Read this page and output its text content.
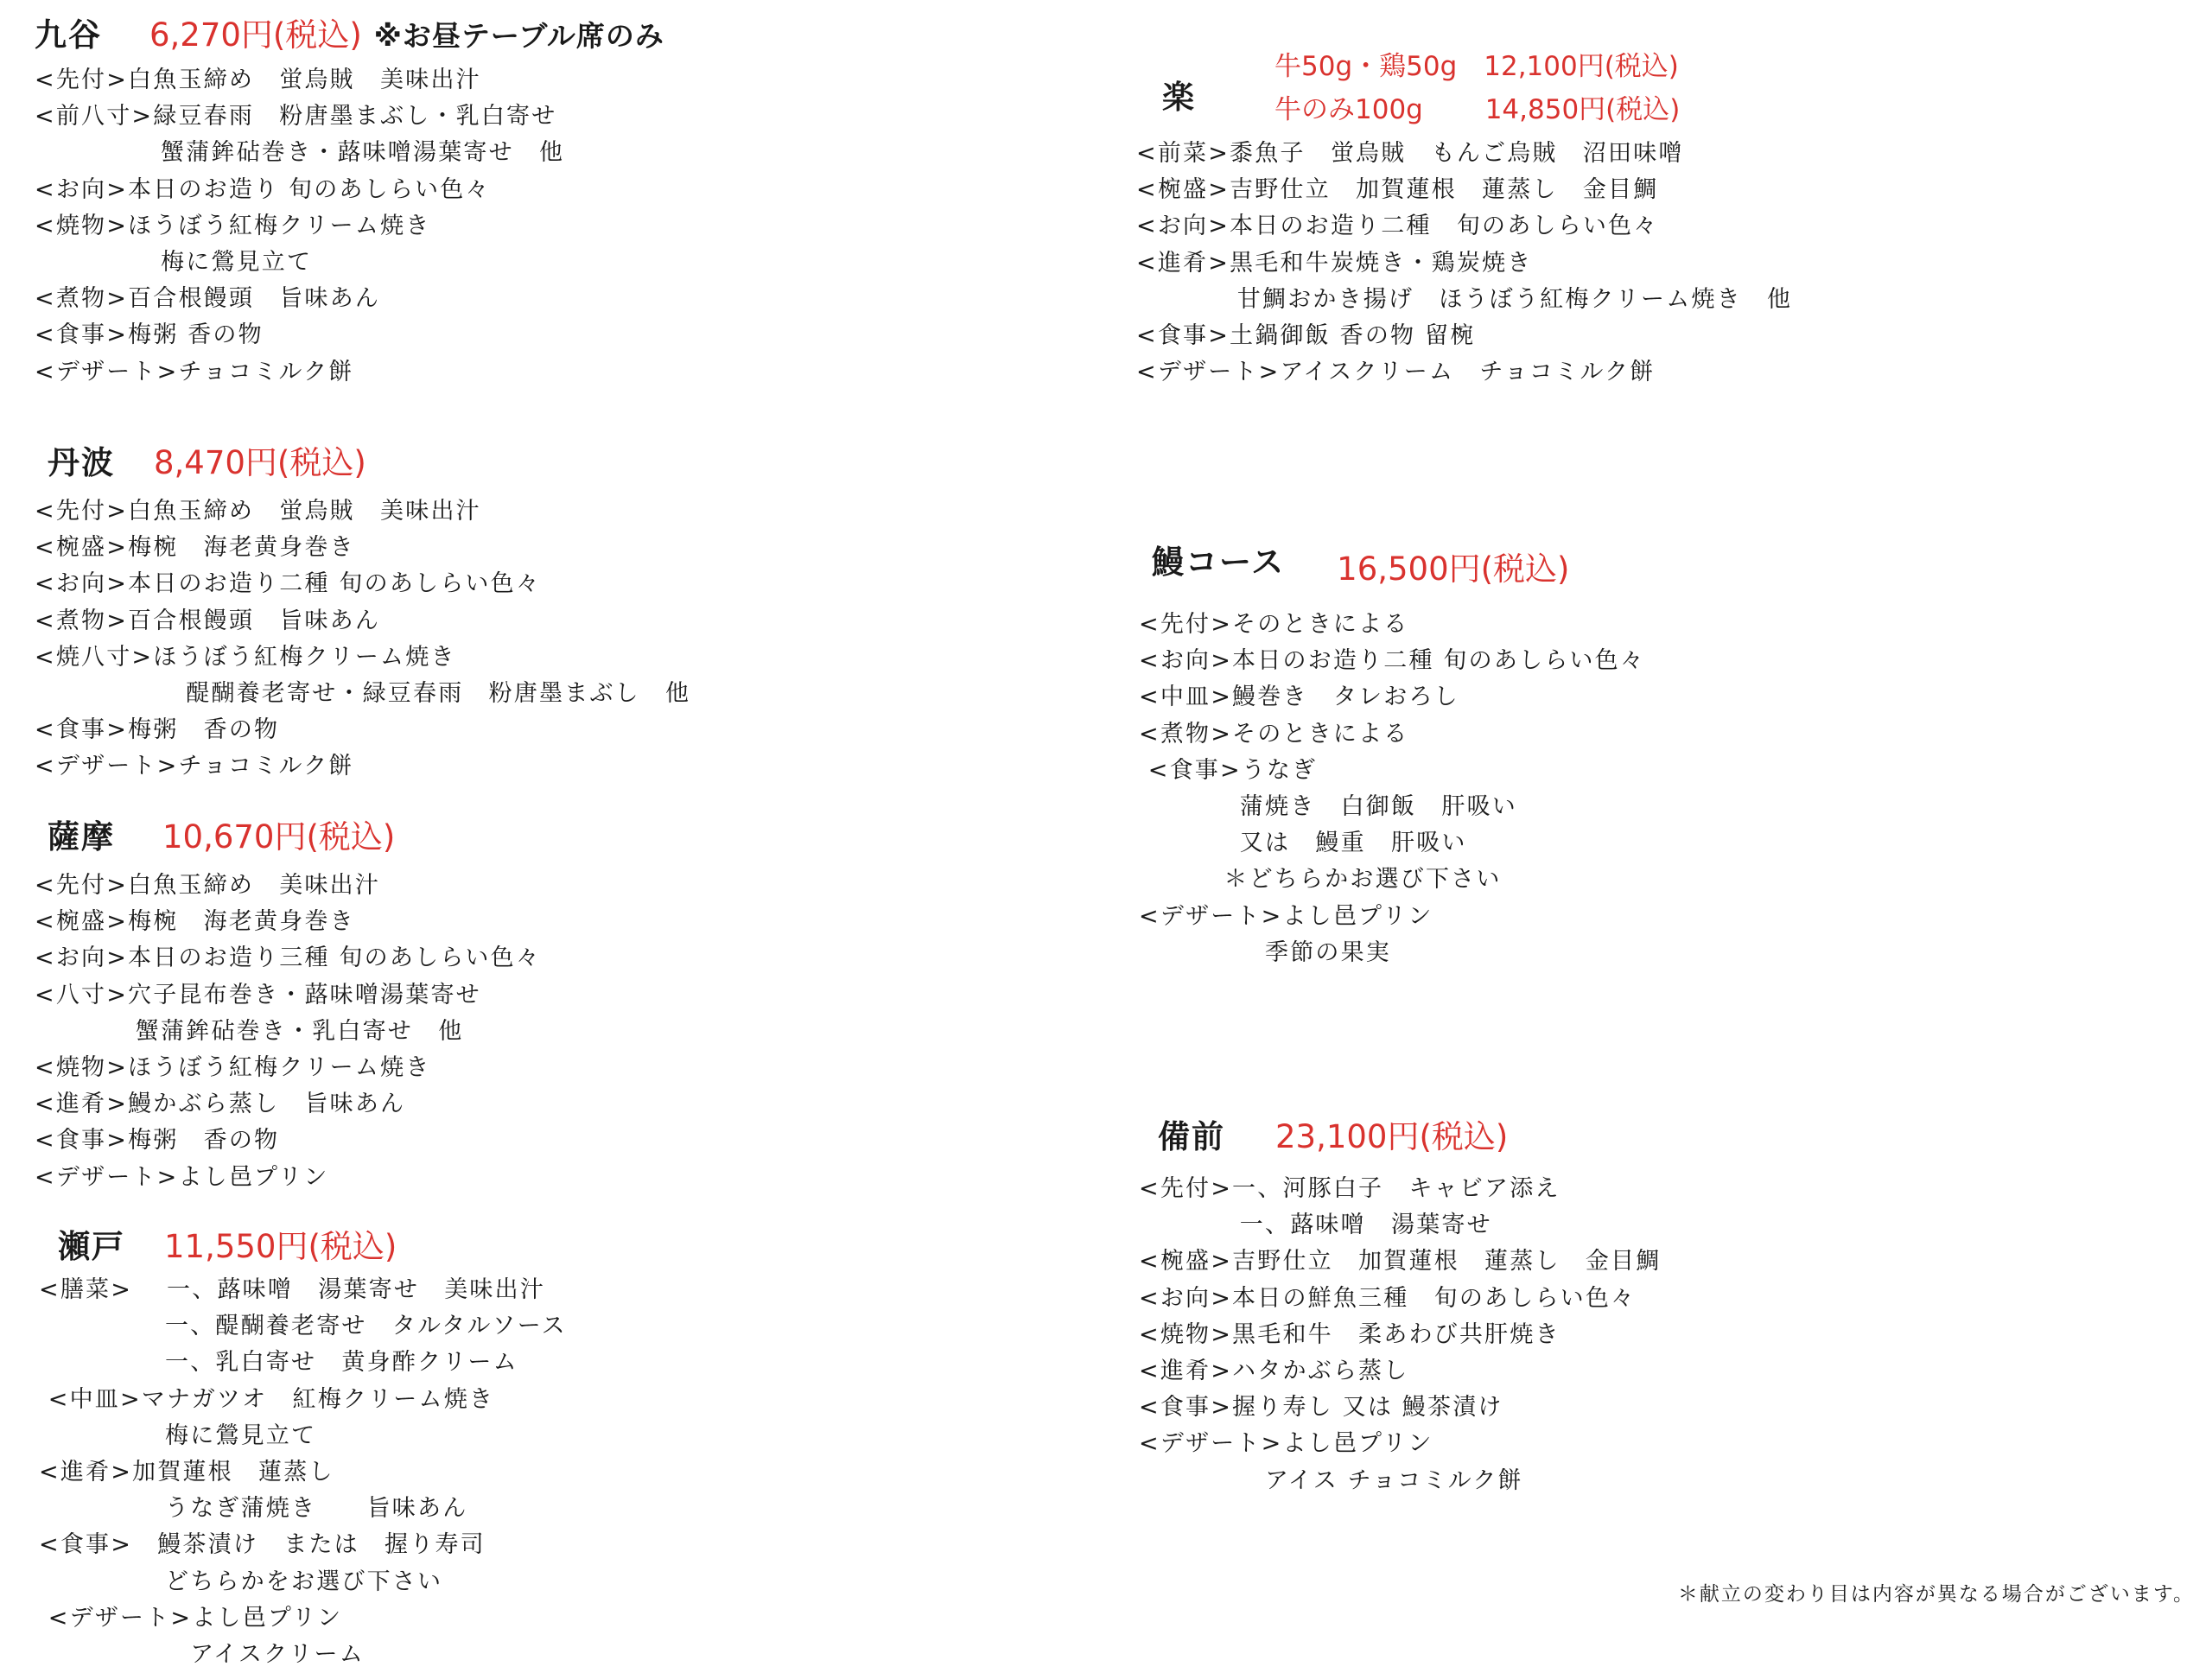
九谷 6,270円(税込) ※お昼テーブル席のみ
<先付>白魚玉締め　蛍烏賊　美味出汁
<前八寸>緑豆春雨　粉唐墨まぶし・乳白寄せ
　　　　　蟹蒲鉾砧巻き・蕗味噌湯葉寄せ　他
<お向>本日のお造り 旬のあしらい色々
<焼物>ほうぼう紅梅クリーム焼き
　　　　　梅に鶯見立て
<煮物>百合根饅頭　旨味あん
<食事>梅粥 香の物
<デザート>チョコミルク餅
丹波 8,470円(税込)
<先付>白魚玉締め　蛍烏賊　美味出汁
<椀盛>梅椀　海老黄身巻き
<お向>本日のお造り二種 旬のあしらい色々
<煮物>百合根饅頭　旨味あん
<焼八寸>ほうぼう紅梅クリーム焼き
　　　　　　醍醐養老寄せ・緑豆春雨　粉唐墨まぶし　他
<食事>梅粥　香の物
<デザート>チョコミルク餅
薩摩 10,670円(税込)
<先付>白魚玉締め　美味出汁
<椀盛>梅椀　海老黄身巻き
<お向>本日のお造り三種 旬のあしらい色々
<八寸>穴子昆布巻き・蕗味噌湯葉寄せ
　　　　蟹蒲鉾砧巻き・乳白寄せ　他
<焼物>ほうぼう紅梅クリーム焼き
<進肴>鰻かぶら蒸し　旨味あん
<食事>梅粥　香の物
<デザート>よし邑プリン
瀬戸 11,550円(税込)
<膳菜>　 一、蕗味噌　湯葉寄せ　美味出汁
　　　　　一、醍醐養老寄せ　タルタルソース
　　　　　一、乳白寄せ　黄身酢クリーム
<中皿>マナガツオ　紅梅クリーム焼き
　　　　　梅に鶯見立て
<進肴>加賀蓮根　蓮蒸し
　　　　　うなぎ蒲焼き　　旨味あん
<食事>　鰻茶漬け　または　握り寿司
　　　　　どちらかをお選び下さい
<デザート>よし邑プリン
　　　　　　アイスクリーム
楽
牛50g・鶏50g　12,100円(税込)
牛のみ100g　　 14,850円(税込)
<前菜>黍魚子　蛍烏賊　もんご烏賊　沼田味噌
<椀盛>吉野仕立　加賀蓮根　蓮蒸し　金目鯛
<お向>本日のお造り二種　旬のあしらい色々
<進肴>黒毛和牛炭焼き・鶏炭焼き
　　　　甘鯛おかき揚げ　ほうぼう紅梅クリーム焼き　他
<食事>土鍋御飯 香の物 留椀
<デザート>アイスクリーム　チョコミルク餅
鰻コース 16,500円(税込)
<先付>そのときによる
<お向>本日のお造り二種 旬のあしらい色々
<中皿>鰻巻き　タレおろし
<煮物>そのときによる
<食事>うなぎ
　　　　蒲焼き　白御飯　肝吸い
　　　　又は　鰻重　肝吸い
　　　 ＊どちらかお選び下さい
<デザート>よし邑プリン
　　　　　季節の果実
備前 23,100円(税込)
<先付>一、河豚白子　キャビア添え
　　　　一、蕗味噌　湯葉寄せ
<椀盛>吉野仕立　加賀蓮根　蓮蒸し　金目鯛
<お向>本日の鮮魚三種　旬のあしらい色々
<焼物>黒毛和牛　柔あわび共肝焼き
<進肴>ハタかぶら蒸し
<食事>握り寿し 又は 鰻茶漬け
<デザート>よし邑プリン
　　　　　アイス チョコミルク餅
＊献立の変わり目は内容が異なる場合がございます。
